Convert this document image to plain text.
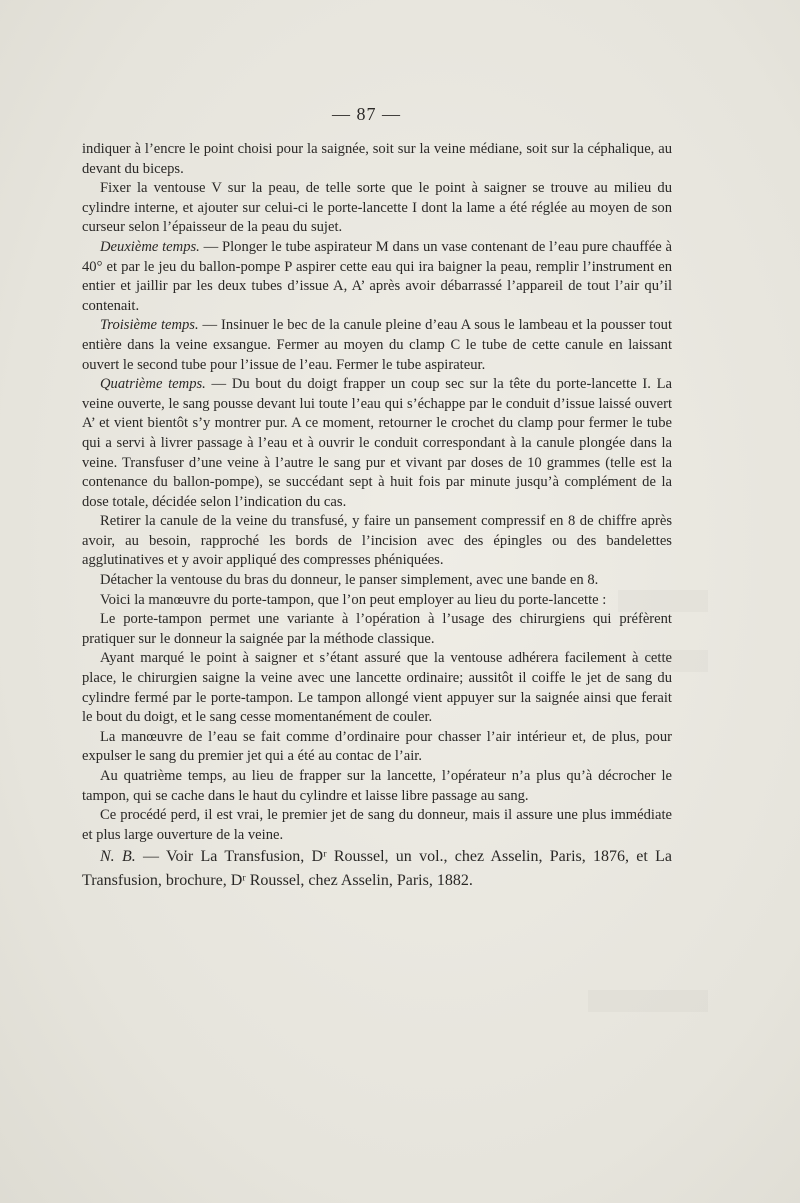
— 87 —

indiquer à l’encre le point choisi pour la saignée, soit sur la veine médiane, soit sur la céphalique, au devant du biceps.

Fixer la ventouse V sur la peau, de telle sorte que le point à saigner se trouve au milieu du cylindre interne, et ajouter sur celui-ci le porte-lancette I dont la lame a été réglée au moyen de son curseur selon l’épaisseur de la peau du sujet.

Deuxième temps. — Plonger le tube aspirateur M dans un vase contenant de l’eau pure chauffée à 40° et par le jeu du ballon-pompe P aspirer cette eau qui ira baigner la peau, remplir l’instrument en entier et jaillir par les deux tubes d’issue A, A’ après avoir débarrassé l’appareil de tout l’air qu’il contenait.

Troisième temps. — Insinuer le bec de la canule pleine d’eau A sous le lambeau et la pousser tout entière dans la veine exsangue. Fermer au moyen du clamp C le tube de cette canule en laissant ouvert le second tube pour l’issue de l’eau. Fermer le tube aspirateur.

Quatrième temps. — Du bout du doigt frapper un coup sec sur la tête du porte-lancette I. La veine ouverte, le sang pousse devant lui toute l’eau qui s’échappe par le conduit d’issue laissé ouvert A’ et vient bientôt s’y montrer pur. A ce moment, retourner le crochet du clamp pour fermer le tube qui a servi à livrer passage à l’eau et à ouvrir le conduit correspondant à la canule plongée dans la veine. Transfuser d’une veine à l’autre le sang pur et vivant par doses de 10 grammes (telle est la contenance du ballon-pompe), se succédant sept à huit fois par minute jusqu’à complément de la dose totale, décidée selon l’indication du cas.

Retirer la canule de la veine du transfusé, y faire un pansement compressif en 8 de chiffre après avoir, au besoin, rapproché les bords de l’incision avec des épingles ou des bandelettes agglutinatives et y avoir appliqué des compresses phéniquées.

Détacher la ventouse du bras du donneur, le panser simplement, avec une bande en 8.

Voici la manœuvre du porte-tampon, que l’on peut employer au lieu du porte-lancette :

Le porte-tampon permet une variante à l’opération à l’usage des chirurgiens qui préfèrent pratiquer sur le donneur la saignée par la méthode classique.

Ayant marqué le point à saigner et s’étant assuré que la ventouse adhérera facilement à cette place, le chirurgien saigne la veine avec une lancette ordinaire; aussitôt il coiffe le jet de sang du cylindre fermé par le porte-tampon. Le tampon allongé vient appuyer sur la saignée ainsi que ferait le bout du doigt, et le sang cesse momentanément de couler.

La manœuvre de l’eau se fait comme d’ordinaire pour chasser l’air intérieur et, de plus, pour expulser le sang du premier jet qui a été au contac de l’air.

Au quatrième temps, au lieu de frapper sur la lancette, l’opérateur n’a plus qu’à décrocher le tampon, qui se cache dans le haut du cylindre et laisse libre passage au sang.

Ce procédé perd, il est vrai, le premier jet de sang du donneur, mais il assure une plus immédiate et plus large ouverture de la veine.

N. B. — Voir La Transfusion, Dʳ Roussel, un vol., chez Asselin, Paris, 1876, et La Transfusion, brochure, Dʳ Roussel, chez Asselin, Paris, 1882.
